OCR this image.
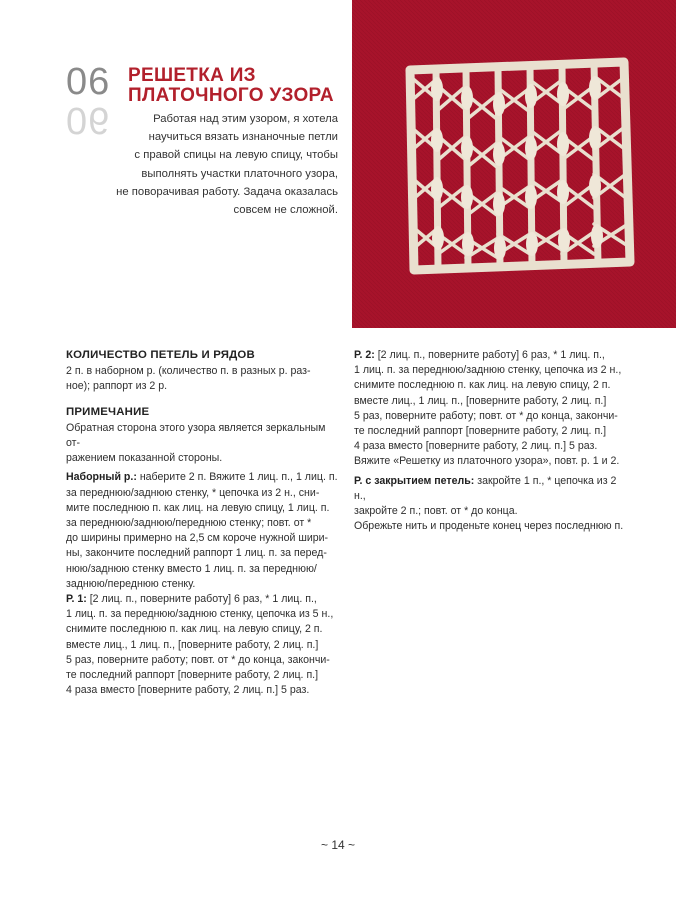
06
06
РЕШЕТКА ИЗ
ПЛАТОЧНОГО УЗОРА
Работая над этим узором, я хотела
научиться вязать изнаночные петли
с правой спицы на левую спицу, чтобы
выполнять участки платочного узора,
не поворачивая работу. Задача оказалась
совсем не сложной.
КОЛИЧЕСТВО ПЕТЕЛЬ И РЯДОВ

2 п. в наборном р. (количество п. в разных р. раз-

ное); раппорт из 2 р.

ПРИМЕЧАНИЕ

Обратная сторона этого узора является зеркальным от-

ражением показанной стороны.

Наборный р.: наберите 2 п. Вяжите 1 лиц. п., 1 лиц. п.

за переднюю/заднюю стенку, * цепочка из 2 н., сни-

мите последнюю п. как лиц. на левую спицу, 1 лиц. п.

за переднюю/заднюю/переднюю стенку; повт. от *

до ширины примерно на 2,5 см короче нужной шири-

ны, закончите последний раппорт 1 лиц. п. за перед-

нюю/заднюю стенку вместо 1 лиц. п. за переднюю/

заднюю/переднюю стенку.

Р. 1: [2 лиц. п., поверните работу] 6 раз, * 1 лиц. п.,

1 лиц. п. за переднюю/заднюю стенку, цепочка из 5 н.,

снимите последнюю п. как лиц. на левую спицу, 2 п.

вместе лиц., 1 лиц. п., [поверните работу, 2 лиц. п.]

5 раз, поверните работу; повт. от * до конца, закончи-

те последний раппорт [поверните работу, 2 лиц. п.]

4 раза вместо [поверните работу, 2 лиц. п.] 5 раз.

Р. 2: [2 лиц. п., поверните работу] 6 раз, * 1 лиц. п.,

1 лиц. п. за переднюю/заднюю стенку, цепочка из 2 н.,

снимите последнюю п. как лиц. на левую спицу, 2 п.

вместе лиц., 1 лиц. п., [поверните работу, 2 лиц. п.]

5 раз, поверните работу; повт. от * до конца, закончи-

те последний раппорт [поверните работу, 2 лиц. п.]

4 раза вместо [поверните работу, 2 лиц. п.] 5 раз.

Вяжите «Решетку из платочного узора», повт. р. 1 и 2.

Р. с закрытием петель: закройте 1 п., * цепочка из 2 н.,

закройте 2 п.; повт. от * до конца.

Обрежьте нить и проденьте конец через последнюю п.

~ 14 ~
